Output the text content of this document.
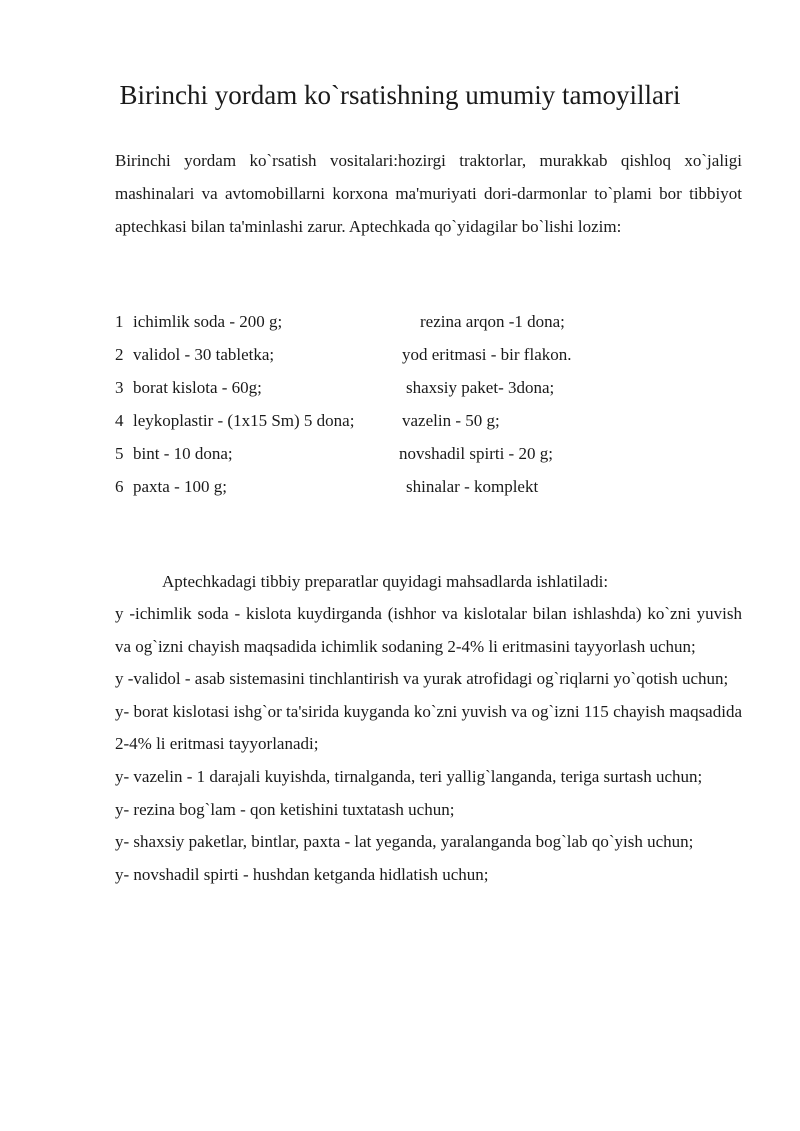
Birinchi yordam ko`rsatishning umumiy tamoyillari

Birinchi yordam ko`rsatish vositalari:hozirgi traktorlar, murakkab qishloq xo`jaligi mashinalari va avtomobillarni korxona ma'muriyati dori-darmonlar to`plami bor tibbiyot aptechkasi bilan ta'minlashi zarur. Aptechkada qo`yidagilar bo`lishi lozim:

1 ichimlik soda - 200 g;	rezina arqon -1 dona;
2 validol - 30 tabletka;	yod eritmasi - bir flakon.
3 borat kislota - 60g;	shaxsiy paket- 3dona;
4 leykoplastir - (1x15 Sm) 5 dona;	vazelin - 50 g;
5 bint - 10 dona;	novshadil spirti - 20 g;
6 paxta - 100 g;	shinalar - komplekt
Aptechkadagi tibbiy preparatlar quyidagi mahsadlarda ishlatiladi:
y -ichimlik soda - kislota kuydirganda (ishhor va kislotalar bilan ishlashda) ko`zni yuvish va og`izni chayish maqsadida ichimlik sodaning 2-4% li eritmasini tayyorlash uchun;
y -validol - asab sistemasini tinchlantirish va yurak atrofidagi og`riqlarni yo`qotish uchun;
y- borat kislotasi ishg`or ta'sirida kuyganda ko`zni yuvish va og`izni 115 chayish maqsadida 2-4% li eritmasi tayyorlanadi;
y- vazelin - 1 darajali kuyishda, tirnalganda, teri yallig`langanda, teriga surtash uchun;
y- rezina bog`lam - qon ketishini tuxtatash uchun;
y- shaxsiy paketlar, bintlar, paxta - lat yeganda, yaralanganda bog`lab qo`yish uchun;
y- novshadil spirti - hushdan ketganda hidlatish uchun;
